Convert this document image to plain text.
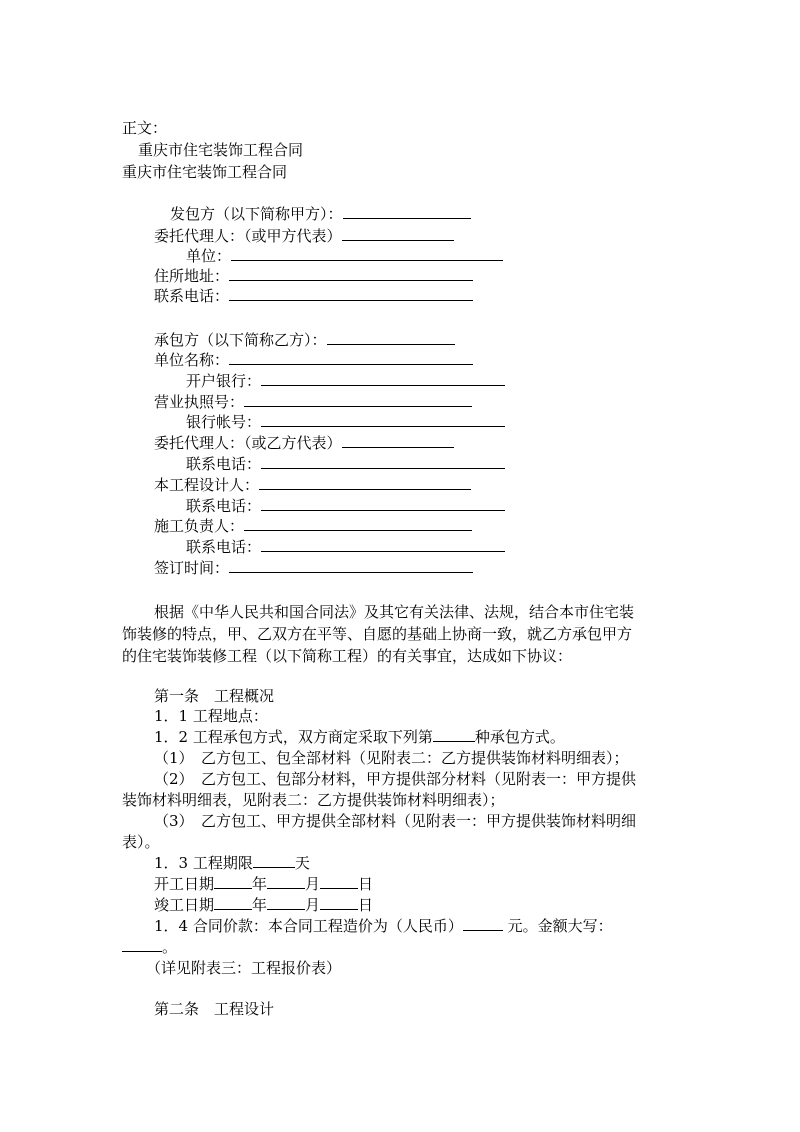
正文：
重庆市住宅装饰工程合同
重庆市住宅装饰工程合同
发包方（以下简称甲方）：
委托代理人：（或甲方代表）
单位：
住所地址：
联系电话：
承包方（以下简称乙方）：
单位名称：
开户银行：
营业执照号：
银行帐号：
委托代理人：（或乙方代表）
联系电话：
本工程设计人：
联系电话：
施工负责人：
联系电话：
签订时间：
根据《中华人民共和国合同法》及其它有关法律、法规，结合本市住宅装
饰装修的特点，甲、乙双方在平等、自愿的基础上协商一致，就乙方承包甲方
的住宅装饰装修工程（以下简称工程）的有关事宜，达成如下协议：
第一条　工程概况
1．1 工程地点：
1．2 工程承包方式，双方商定采取下列第	种承包方式。
（1）　乙方包工、包全部材料（见附表二：乙方提供装饰材料明细表）；
（2）　乙方包工、包部分材料，甲方提供部分材料（见附表一：甲方提供
装饰材料明细表，见附表二：乙方提供装饰材料明细表）；
（3）　乙方包工、甲方提供全部材料（见附表一：甲方提供装饰材料明细
表）。
1．3 工程期限	天
开工日期	年	月	日
竣工日期	年	月	日
1．4 合同价款：本合同工程造价为（人民币）	元。金额大写：
。
（详见附表三：工程报价表）
第二条　工程设计
